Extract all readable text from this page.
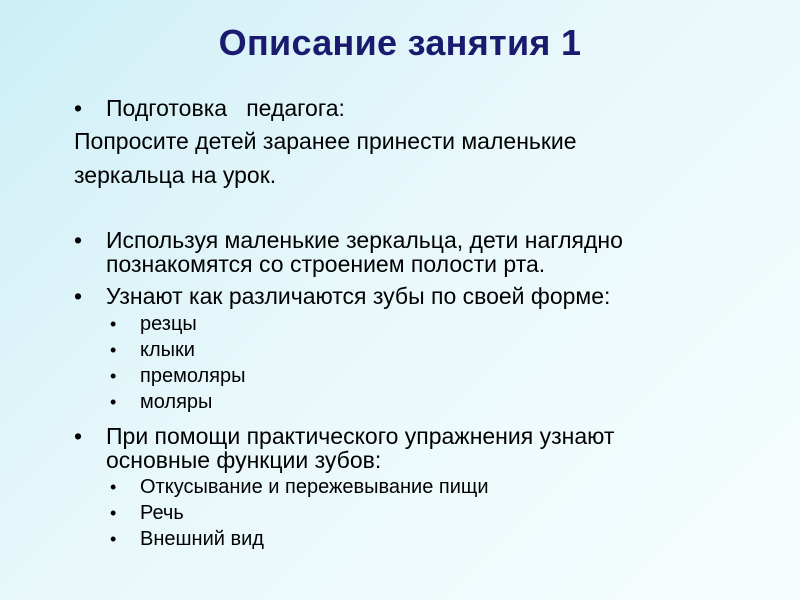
Описание занятия 1
• Подготовка   педагога:
Попросите детей заранее принести маленькие
зеркальца на урок.
• Используя маленькие зеркальца, дети наглядно
познакомятся со строением полости рта.
• Узнают как различаются зубы по своей форме:
• резцы
• клыки
• премоляры
• моляры
• При помощи практического упражнения узнают
основные функции зубов:
• Откусывание и пережевывание пищи
• Речь
• Внешний вид
